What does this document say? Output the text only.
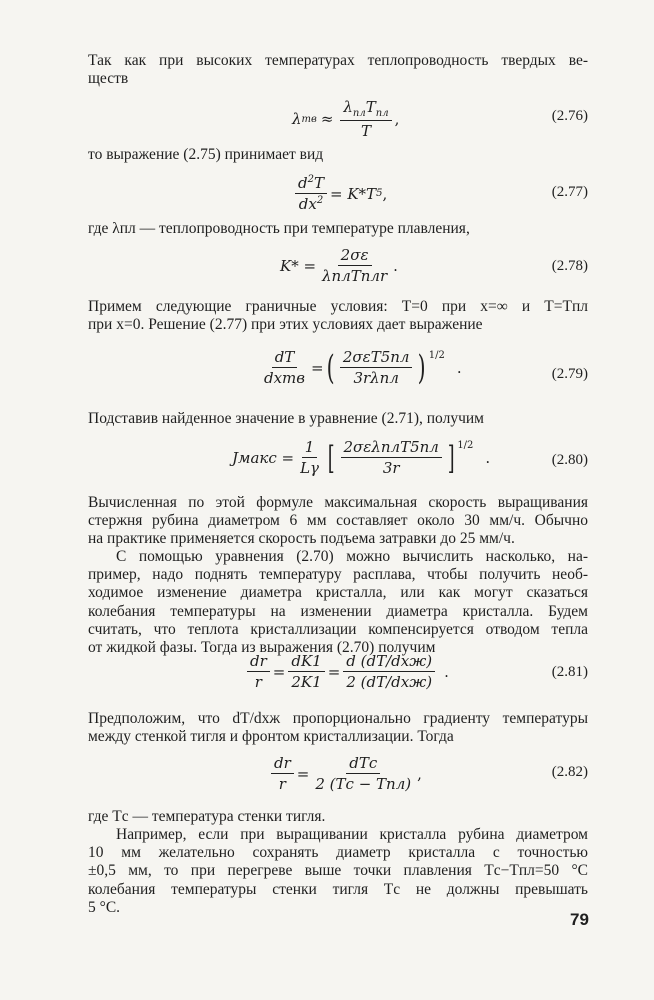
Так как при высоких температурах теплопроводность твердых ве-
ществ

λ тв ≈ $\frac{\lambda_{пл}T_{пл}}{T}$ ,	(2.76)

то выражение (2.75) принимает вид

$\frac{d^2T}{dx^2} = K*T$ 5 ,	(2.77)

где λпл — теплопроводность при температуре плавления,

$K* = \frac{2\sigma\varepsilon}{\text{λплTплr}}$ .	(2.78)

Примем следующие граничные условия: T=0 при x=∞ и T=Tпл
при x=0. Решение (2.77) при этих условиях дает выражение

$\frac{dT}{\text{dxтв}}$ = ( $\frac{\text{2σεT5пл}}{\text{3rλпл}}$ ) 1/2
.	(2.79)

Подставив найденное значение в уравнение (2.71), получим

Jмакс = $\frac{1}{L\gamma}$ [ $\frac{\text{2σελплT5пл}}{3r}$ ] 1/2
.	(2.80)

Вычисленная по этой формуле максимальная скорость выращивания
стержня рубина диаметром 6 мм составляет около 30 мм/ч. Обычно
на практике применяется скорость подъема затравки до 25 мм/ч.

С помощью уравнения (2.70) можно вычислить насколько, на-
пример, надо поднять температуру расплава, чтобы получить необ-
ходимое изменение диаметра кристалла, или как могут сказаться
колебания температуры на изменении диаметра кристалла. Будем
считать, что теплота кристаллизации компенсируется отводом тепла
от жидкой фазы. Тогда из выражения (2.70) получим

$\frac{dr}{r} = \frac{dK1}{2K1} = \frac{\text{d (dT/dxж)}}{\text{2 (dT/dxж)}}$ .	(2.81)

Предположим, что dT/dxж пропорционально градиенту температуры
между стенкой тигля и фронтом кристаллизации. Тогда

$\frac{dr}{r} = \frac{\text{dTс}}{\text{2 (Tс − Tпл)}}$ ,	(2.82)

где Tс — температура стенки тигля.

Например, если при выращивании кристалла рубина диаметром
10 мм желательно сохранять диаметр кристалла с точностью
±0,5 мм, то при перегреве выше точки плавления Tс−Tпл=50 °C
колебания температуры стенки тигля Tс не должны превышать
5 °C.

79
